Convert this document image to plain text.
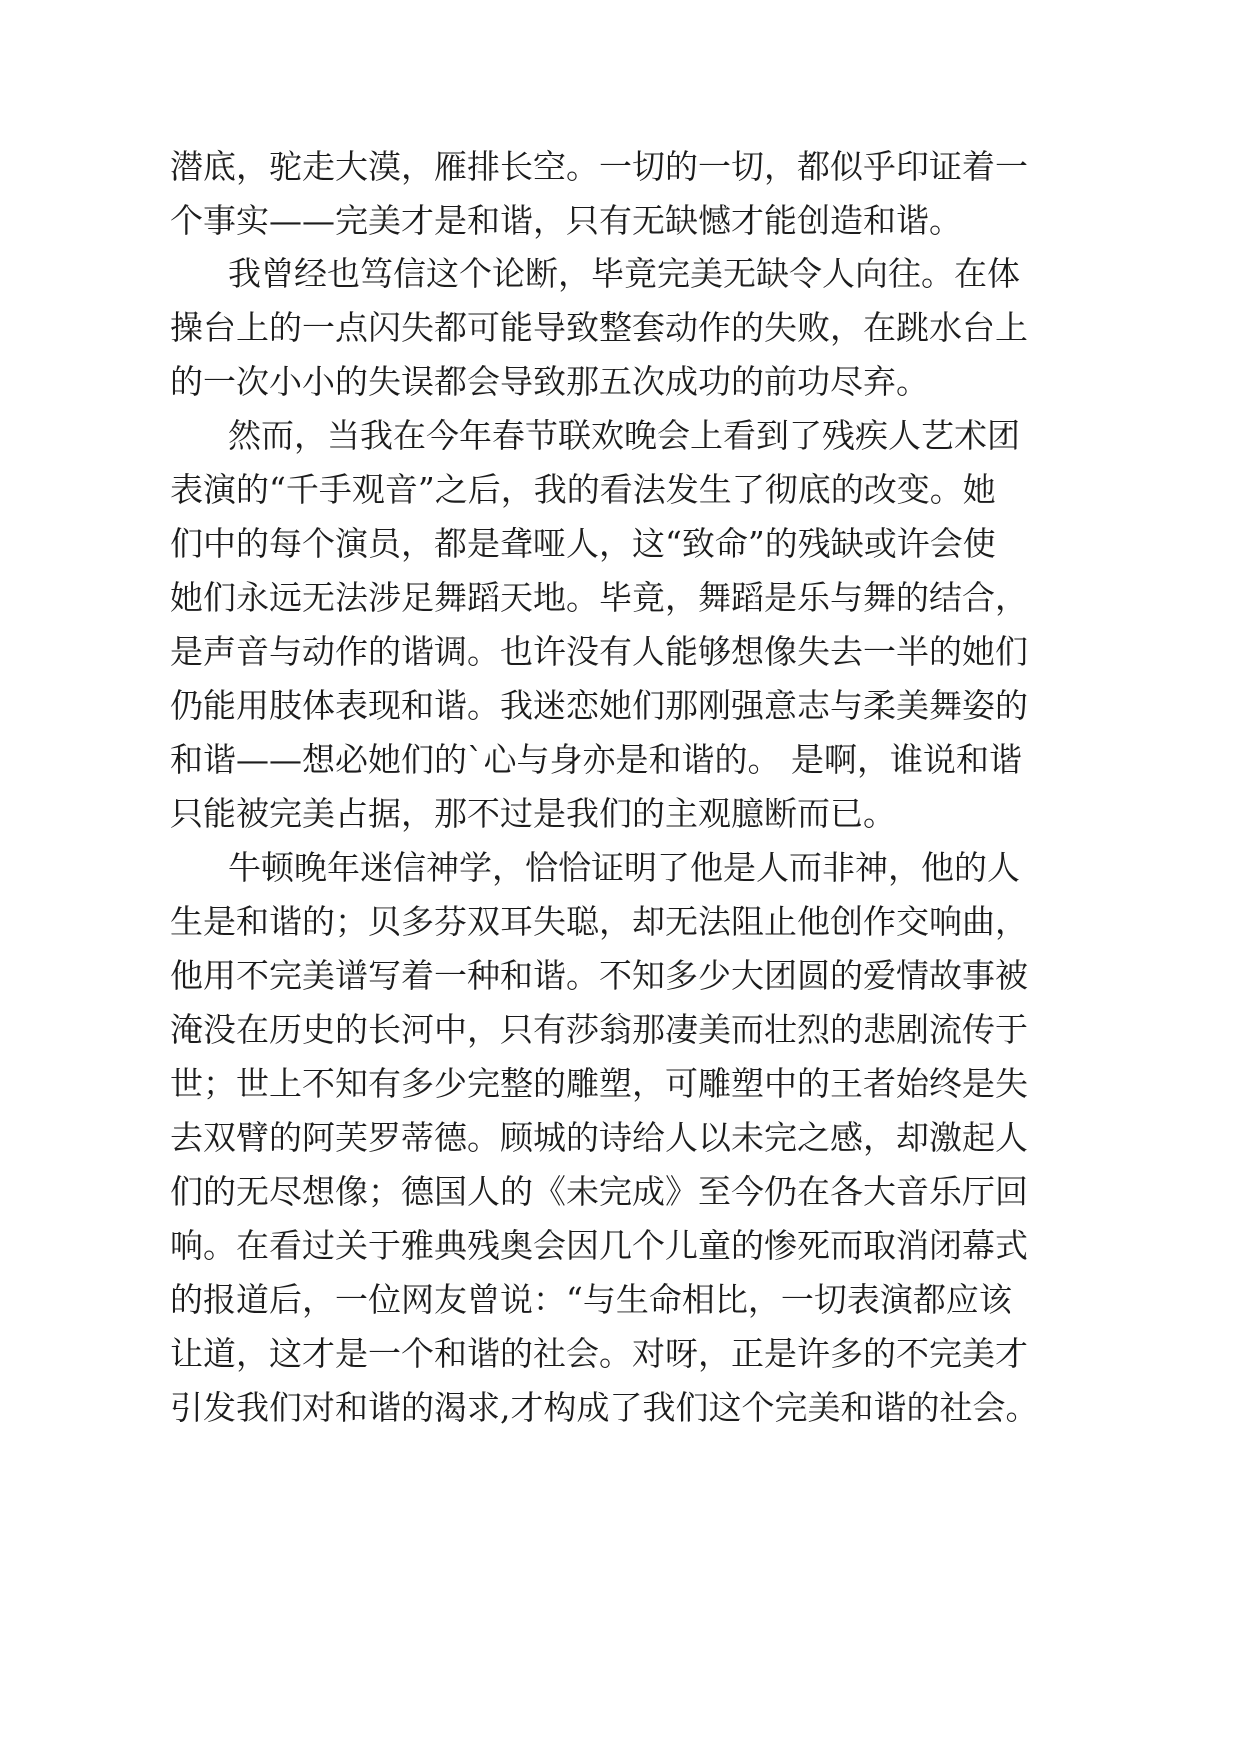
潜底，驼走大漠，雁排长空。一切的一切，都似乎印证着一
个事实——完美才是和谐，只有无缺憾才能创造和谐。
我曾经也笃信这个论断，毕竟完美无缺令人向往。在体
操台上的一点闪失都可能导致整套动作的失败，在跳水台上
的一次小小的失误都会导致那五次成功的前功尽弃。
然而，当我在今年春节联欢晚会上看到了残疾人艺术团
表演的“千手观音”之后，我的看法发生了彻底的改变。她
们中的每个演员，都是聋哑人，这“致命”的残缺或许会使
她们永远无法涉足舞蹈天地。毕竟，舞蹈是乐与舞的结合，
是声音与动作的谐调。也许没有人能够想像失去一半的她们
仍能用肢体表现和谐。我迷恋她们那刚强意志与柔美舞姿的
和谐——想必她们的`心与身亦是和谐的。 是啊，谁说和谐
只能被完美占据，那不过是我们的主观臆断而已。
牛顿晚年迷信神学，恰恰证明了他是人而非神，他的人
生是和谐的；贝多芬双耳失聪，却无法阻止他创作交响曲，
他用不完美谱写着一种和谐。不知多少大团圆的爱情故事被
淹没在历史的长河中，只有莎翁那凄美而壮烈的悲剧流传于
世；世上不知有多少完整的雕塑，可雕塑中的王者始终是失
去双臂的阿芙罗蒂德。顾城的诗给人以未完之感，却激起人
们的无尽想像；德国人的《未完成》至今仍在各大音乐厅回
响。在看过关于雅典残奥会因几个儿童的惨死而取消闭幕式
的报道后，一位网友曾说：“与生命相比，一切表演都应该
让道，这才是一个和谐的社会。对呀，正是许多的不完美才
引发我们对和谐的渴求,才构成了我们这个完美和谐的社会。
